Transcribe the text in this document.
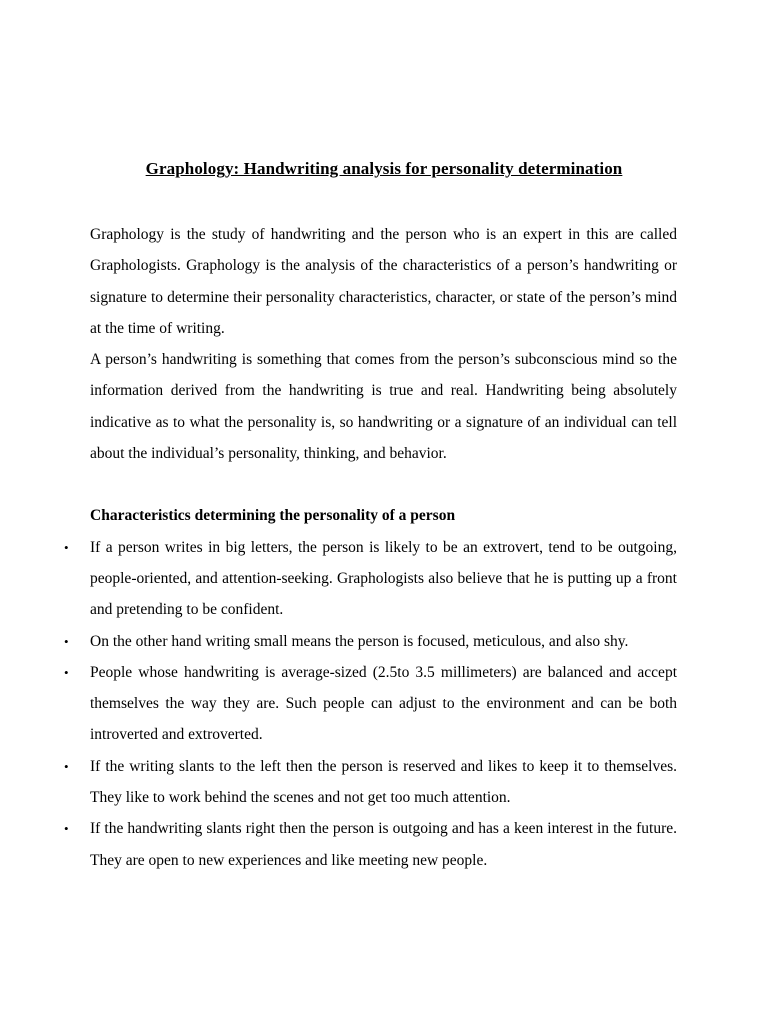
Graphology: Handwriting analysis for personality determination

Graphology is the study of handwriting and the person who is an expert in this are called Graphologists. Graphology is the analysis of the characteristics of a person’s handwriting or signature to determine their personality characteristics, character, or state of the person’s mind at the time of writing.

A person’s handwriting is something that comes from the person’s subconscious mind so the information derived from the handwriting is true and real. Handwriting being absolutely indicative as to what the personality is, so handwriting or a signature of an individual can tell about the individual’s personality, thinking, and behavior.

Characteristics determining the personality of a person

• If a person writes in big letters, the person is likely to be an extrovert, tend to be outgoing, people-oriented, and attention-seeking. Graphologists also believe that he is putting up a front and pretending to be confident.
• On the other hand writing small means the person is focused, meticulous, and also shy.
• People whose handwriting is average-sized (2.5to 3.5 millimeters) are balanced and accept themselves the way they are. Such people can adjust to the environment and can be both introverted and extroverted.
• If the writing slants to the left then the person is reserved and likes to keep it to themselves. They like to work behind the scenes and not get too much attention.
• If the handwriting slants right then the person is outgoing and has a keen interest in the future. They are open to new experiences and like meeting new people.
